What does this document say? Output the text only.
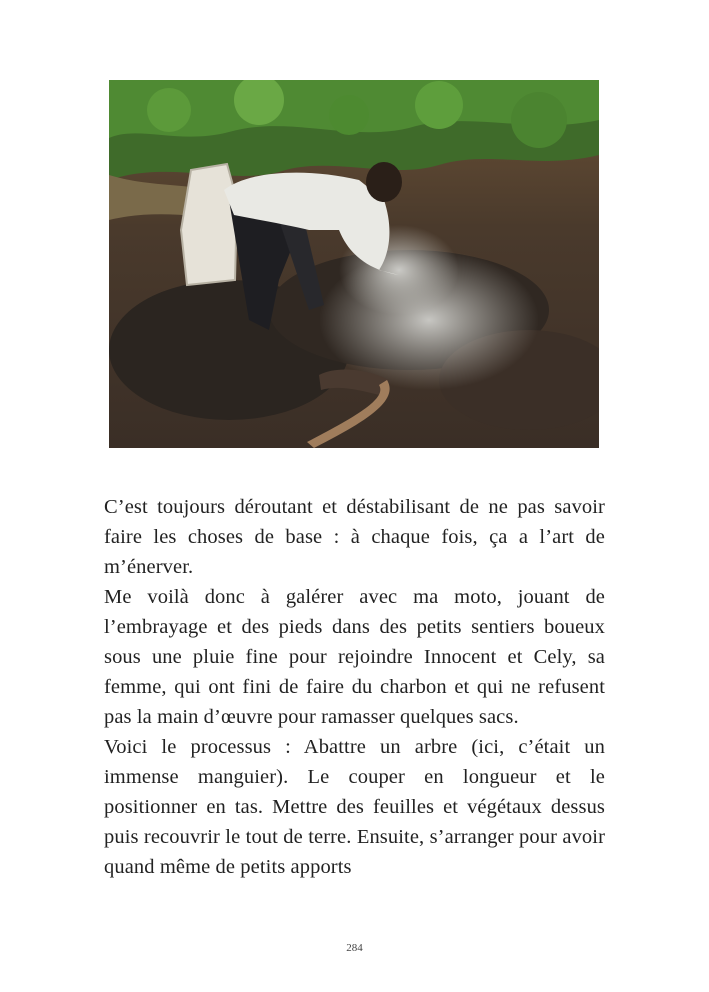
C’est toujours déroutant et déstabilisant de ne pas savoir faire les choses de base : à chaque fois, ça a l’art de m’énerver.

Me voilà donc à galérer avec ma moto, jouant de l’embrayage et des pieds dans des petits sentiers boueux sous une pluie fine pour rejoindre Innocent et Cely, sa femme, qui ont fini de faire du charbon et qui ne refusent pas la main d’œuvre pour ramasser quelques sacs.

Voici le processus : Abattre un arbre (ici, c’était un immense manguier). Le couper en longueur et le positionner en tas. Mettre des feuilles et végétaux dessus puis recouvrir le tout de terre. Ensuite, s’arranger pour avoir quand même de petits apports

284
